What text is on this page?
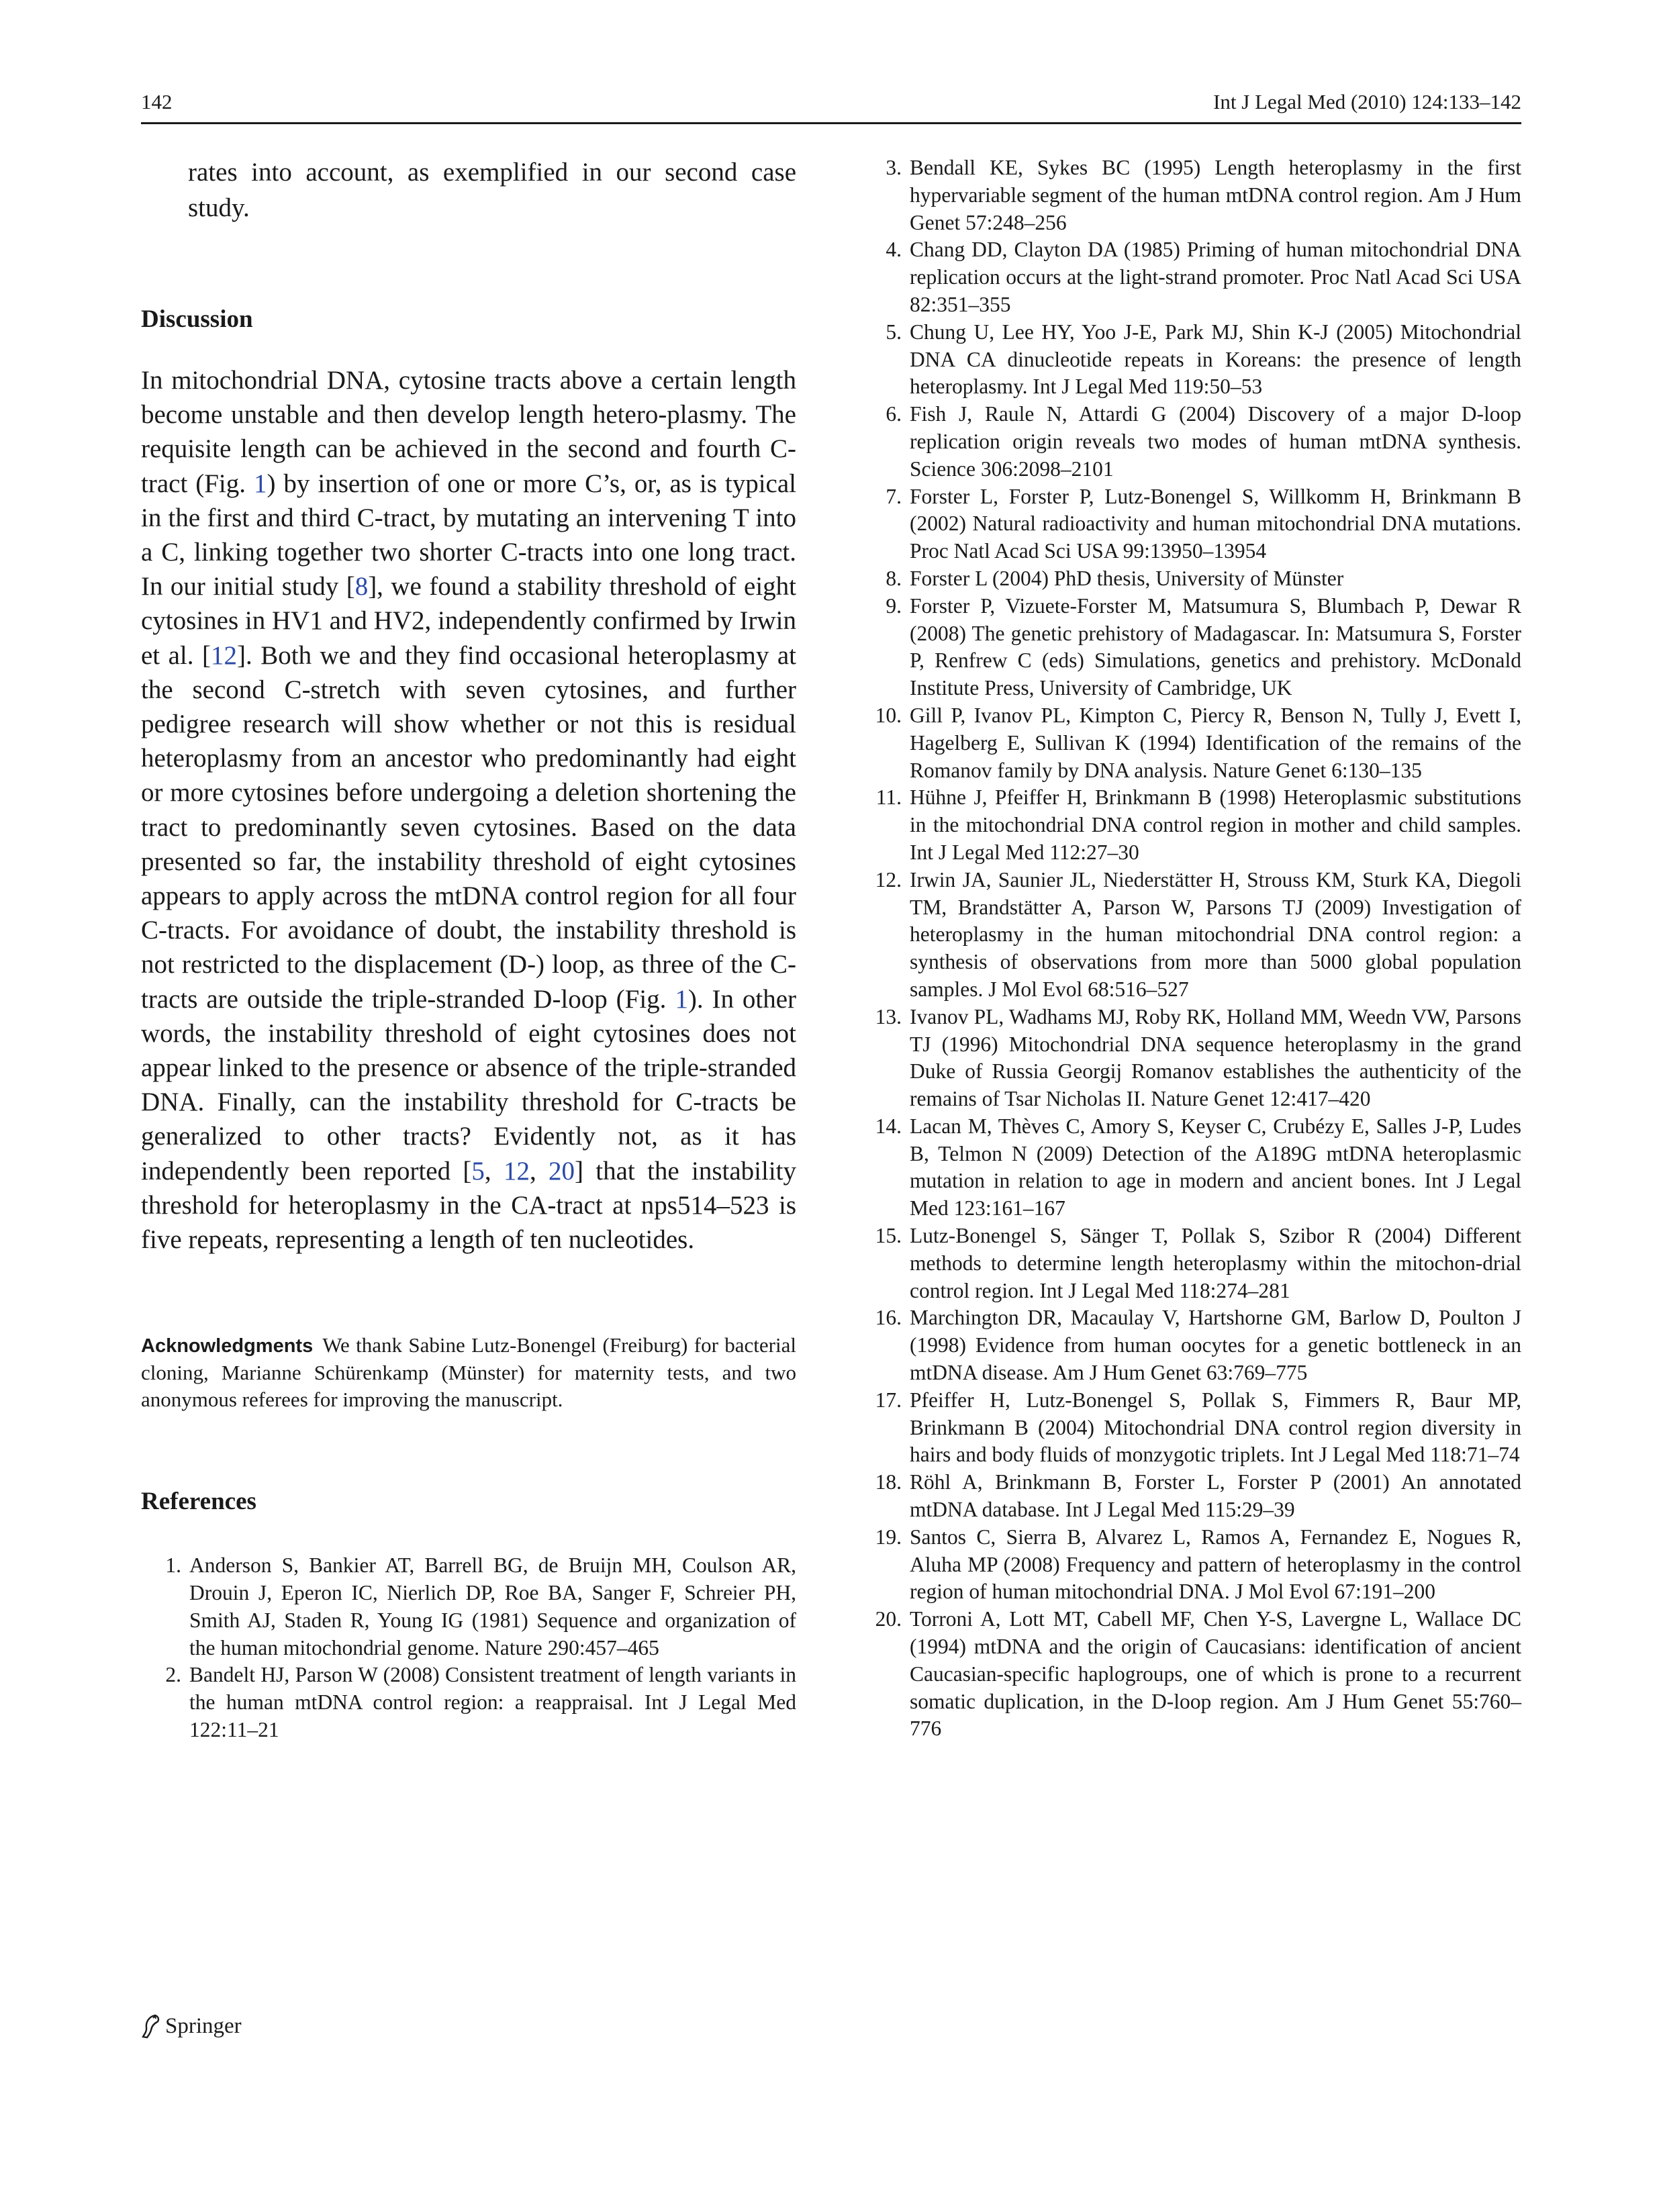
142	Int J Legal Med (2010) 124:133–142
rates into account, as exemplified in our second case study.
Discussion

In mitochondrial DNA, cytosine tracts above a certain length become unstable and then develop length hetero-plasmy. The requisite length can be achieved in the second and fourth C-tract (Fig. 1) by insertion of one or more C’s, or, as is typical in the first and third C-tract, by mutating an intervening T into a C, linking together two shorter C-tracts into one long tract. In our initial study [8], we found a stability threshold of eight cytosines in HV1 and HV2, independently confirmed by Irwin et al. [12]. Both we and they find occasional heteroplasmy at the second C-stretch with seven cytosines, and further pedigree research will show whether or not this is residual heteroplasmy from an ancestor who predominantly had eight or more cytosines before undergoing a deletion shortening the tract to predominantly seven cytosines. Based on the data presented so far, the instability threshold of eight cytosines appears to apply across the mtDNA control region for all four C-tracts. For avoidance of doubt, the instability threshold is not restricted to the displacement (D-) loop, as three of the C-tracts are outside the triple-stranded D-loop (Fig. 1). In other words, the instability threshold of eight cytosines does not appear linked to the presence or absence of the triple-stranded DNA. Finally, can the instability threshold for C-tracts be generalized to other tracts? Evidently not, as it has independently been reported [5, 12, 20] that the instability threshold for heteroplasmy in the CA-tract at nps514–523 is five repeats, representing a length of ten nucleotides.

Acknowledgments We thank Sabine Lutz-Bonengel (Freiburg) for bacterial cloning, Marianne Schürenkamp (Münster) for maternity tests, and two anonymous referees for improving the manuscript.

References
1. Anderson S, Bankier AT, Barrell BG, de Bruijn MH, Coulson AR, Drouin J, Eperon IC, Nierlich DP, Roe BA, Sanger F, Schreier PH, Smith AJ, Staden R, Young IG (1981) Sequence and organization of the human mitochondrial genome. Nature 290:457–465
2. Bandelt HJ, Parson W (2008) Consistent treatment of length variants in the human mtDNA control region: a reappraisal. Int J Legal Med 122:11–21
3. Bendall KE, Sykes BC (1995) Length heteroplasmy in the first hypervariable segment of the human mtDNA control region. Am J Hum Genet 57:248–256
4. Chang DD, Clayton DA (1985) Priming of human mitochondrial DNA replication occurs at the light-strand promoter. Proc Natl Acad Sci USA 82:351–355
5. Chung U, Lee HY, Yoo J-E, Park MJ, Shin K-J (2005) Mitochondrial DNA CA dinucleotide repeats in Koreans: the presence of length heteroplasmy. Int J Legal Med 119:50–53
6. Fish J, Raule N, Attardi G (2004) Discovery of a major D-loop replication origin reveals two modes of human mtDNA synthesis. Science 306:2098–2101
7. Forster L, Forster P, Lutz-Bonengel S, Willkomm H, Brinkmann B (2002) Natural radioactivity and human mitochondrial DNA mutations. Proc Natl Acad Sci USA 99:13950–13954
8. Forster L (2004) PhD thesis, University of Münster
9. Forster P, Vizuete-Forster M, Matsumura S, Blumbach P, Dewar R (2008) The genetic prehistory of Madagascar. In: Matsumura S, Forster P, Renfrew C (eds) Simulations, genetics and prehistory. McDonald Institute Press, University of Cambridge, UK
10. Gill P, Ivanov PL, Kimpton C, Piercy R, Benson N, Tully J, Evett I, Hagelberg E, Sullivan K (1994) Identification of the remains of the Romanov family by DNA analysis. Nature Genet 6:130–135
11. Hühne J, Pfeiffer H, Brinkmann B (1998) Heteroplasmic substitutions in the mitochondrial DNA control region in mother and child samples. Int J Legal Med 112:27–30
12. Irwin JA, Saunier JL, Niederstätter H, Strouss KM, Sturk KA, Diegoli TM, Brandstätter A, Parson W, Parsons TJ (2009) Investigation of heteroplasmy in the human mitochondrial DNA control region: a synthesis of observations from more than 5000 global population samples. J Mol Evol 68:516–527
13. Ivanov PL, Wadhams MJ, Roby RK, Holland MM, Weedn VW, Parsons TJ (1996) Mitochondrial DNA sequence heteroplasmy in the grand Duke of Russia Georgij Romanov establishes the authenticity of the remains of Tsar Nicholas II. Nature Genet 12:417–420
14. Lacan M, Thèves C, Amory S, Keyser C, Crubézy E, Salles J-P, Ludes B, Telmon N (2009) Detection of the A189G mtDNA heteroplasmic mutation in relation to age in modern and ancient bones. Int J Legal Med 123:161–167
15. Lutz-Bonengel S, Sänger T, Pollak S, Szibor R (2004) Different methods to determine length heteroplasmy within the mitochon-drial control region. Int J Legal Med 118:274–281
16. Marchington DR, Macaulay V, Hartshorne GM, Barlow D, Poulton J (1998) Evidence from human oocytes for a genetic bottleneck in an mtDNA disease. Am J Hum Genet 63:769–775
17. Pfeiffer H, Lutz-Bonengel S, Pollak S, Fimmers R, Baur MP, Brinkmann B (2004) Mitochondrial DNA control region diversity in hairs and body fluids of monzygotic triplets. Int J Legal Med 118:71–74
18. Röhl A, Brinkmann B, Forster L, Forster P (2001) An annotated mtDNA database. Int J Legal Med 115:29–39
19. Santos C, Sierra B, Alvarez L, Ramos A, Fernandez E, Nogues R, Aluha MP (2008) Frequency and pattern of heteroplasmy in the control region of human mitochondrial DNA. J Mol Evol 67:191–200
20. Torroni A, Lott MT, Cabell MF, Chen Y-S, Lavergne L, Wallace DC (1994) mtDNA and the origin of Caucasians: identification of ancient Caucasian-specific haplogroups, one of which is prone to a recurrent somatic duplication, in the D-loop region. Am J Hum Genet 55:760–776
Springer
